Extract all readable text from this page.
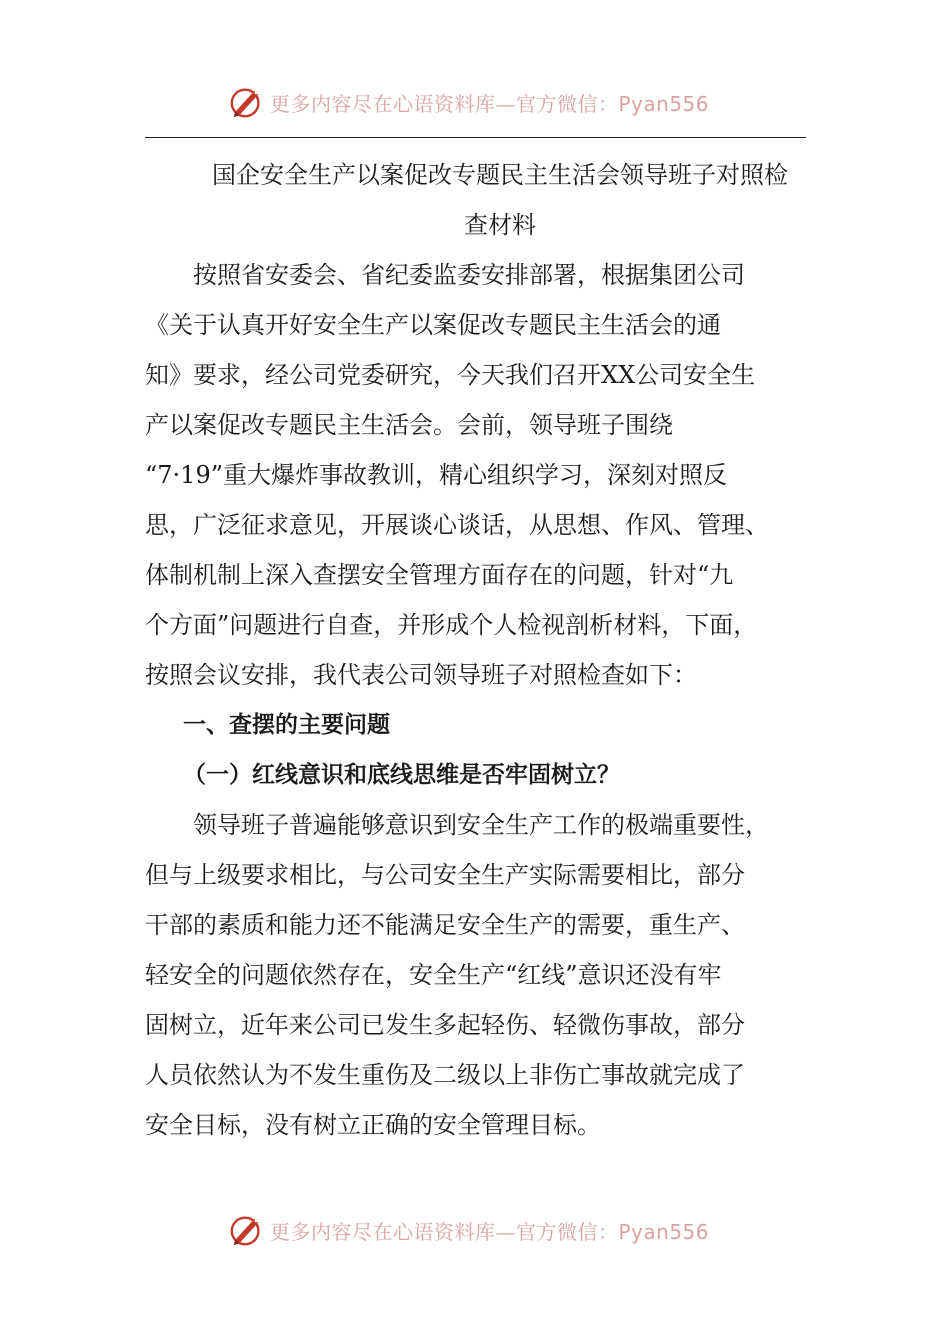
更多内容尽在心语资料库—官方微信：Pyan556
国企安全生产以案促改专题民主生活会领导班子对照检
查材料
按照省安委会、省纪委监委安排部署，根据集团公司
《关于认真开好安全生产以案促改专题民主生活会的通
知》要求，经公司党委研究，今天我们召开XX公司安全生
产以案促改专题民主生活会。会前，领导班子围绕
“7·19”重大爆炸事故教训，精心组织学习，深刻对照反
思，广泛征求意见，开展谈心谈话，从思想、作风、管理、
体制机制上深入查摆安全管理方面存在的问题，针对“九
个方面”问题进行自查，并形成个人检视剖析材料，下面，
按照会议安排，我代表公司领导班子对照检查如下：
一、查摆的主要问题
（一）红线意识和底线思维是否牢固树立？
领导班子普遍能够意识到安全生产工作的极端重要性，
但与上级要求相比，与公司安全生产实际需要相比，部分
干部的素质和能力还不能满足安全生产的需要，重生产、
轻安全的问题依然存在，安全生产“红线”意识还没有牢
固树立，近年来公司已发生多起轻伤、轻微伤事故，部分
人员依然认为不发生重伤及二级以上非伤亡事故就完成了
安全目标，没有树立正确的安全管理目标。
更多内容尽在心语资料库—官方微信：Pyan556
